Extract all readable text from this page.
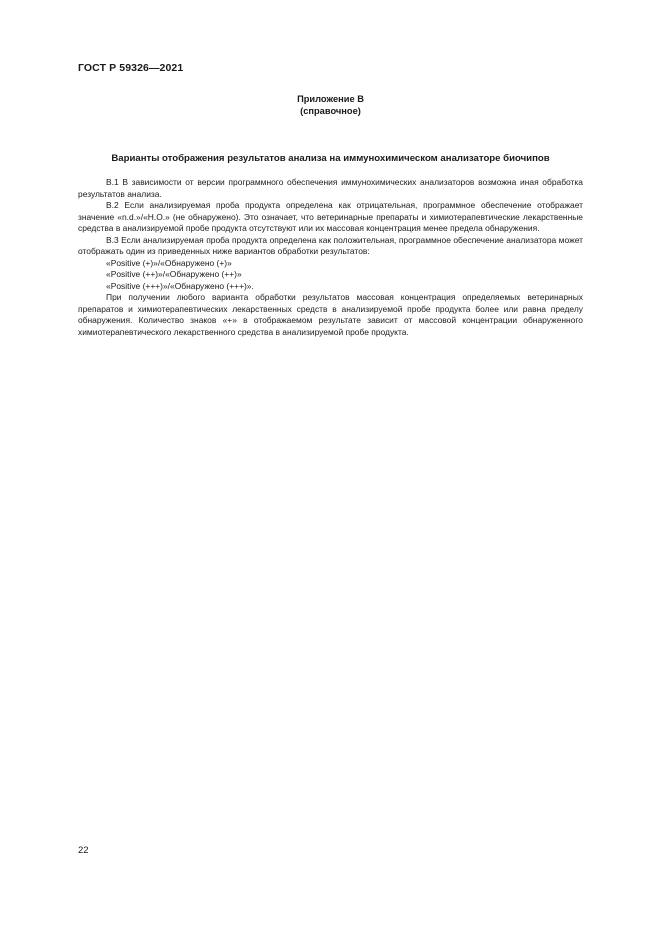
ГОСТ Р 59326—2021
Приложение В
(справочное)
Варианты отображения результатов анализа на иммунохимическом анализаторе биочипов

В.1 В зависимости от версии программного обеспечения иммунохимических анализаторов возможна иная обработка результатов анализа.

В.2 Если анализируемая проба продукта определена как отрицательная, программное обеспечение отображает значение «n.d.»/«Н.О.» (не обнаружено). Это означает, что ветеринарные препараты и химиотерапевтические лекарственные средства в анализируемой пробе продукта отсутствуют или их массовая концентрация менее предела обнаружения.

В.3 Если анализируемая проба продукта определена как положительная, программное обеспечение анализатора может отображать один из приведенных ниже вариантов обработки результатов:

«Positive (+)»/«Обнаружено (+)»

«Positive (++)»/«Обнаружено (++)»

«Positive (+++)»/«Обнаружено (+++)».

При получении любого варианта обработки результатов массовая концентрация определяемых ветеринарных препаратов и химиотерапевтических лекарственных средств в анализируемой пробе продукта более или равна пределу обнаружения. Количество знаков «+» в отображаемом результате зависит от массовой концентрации обнаруженного химиотерапевтического лекарственного средства в анализируемой пробе продукта.

22
